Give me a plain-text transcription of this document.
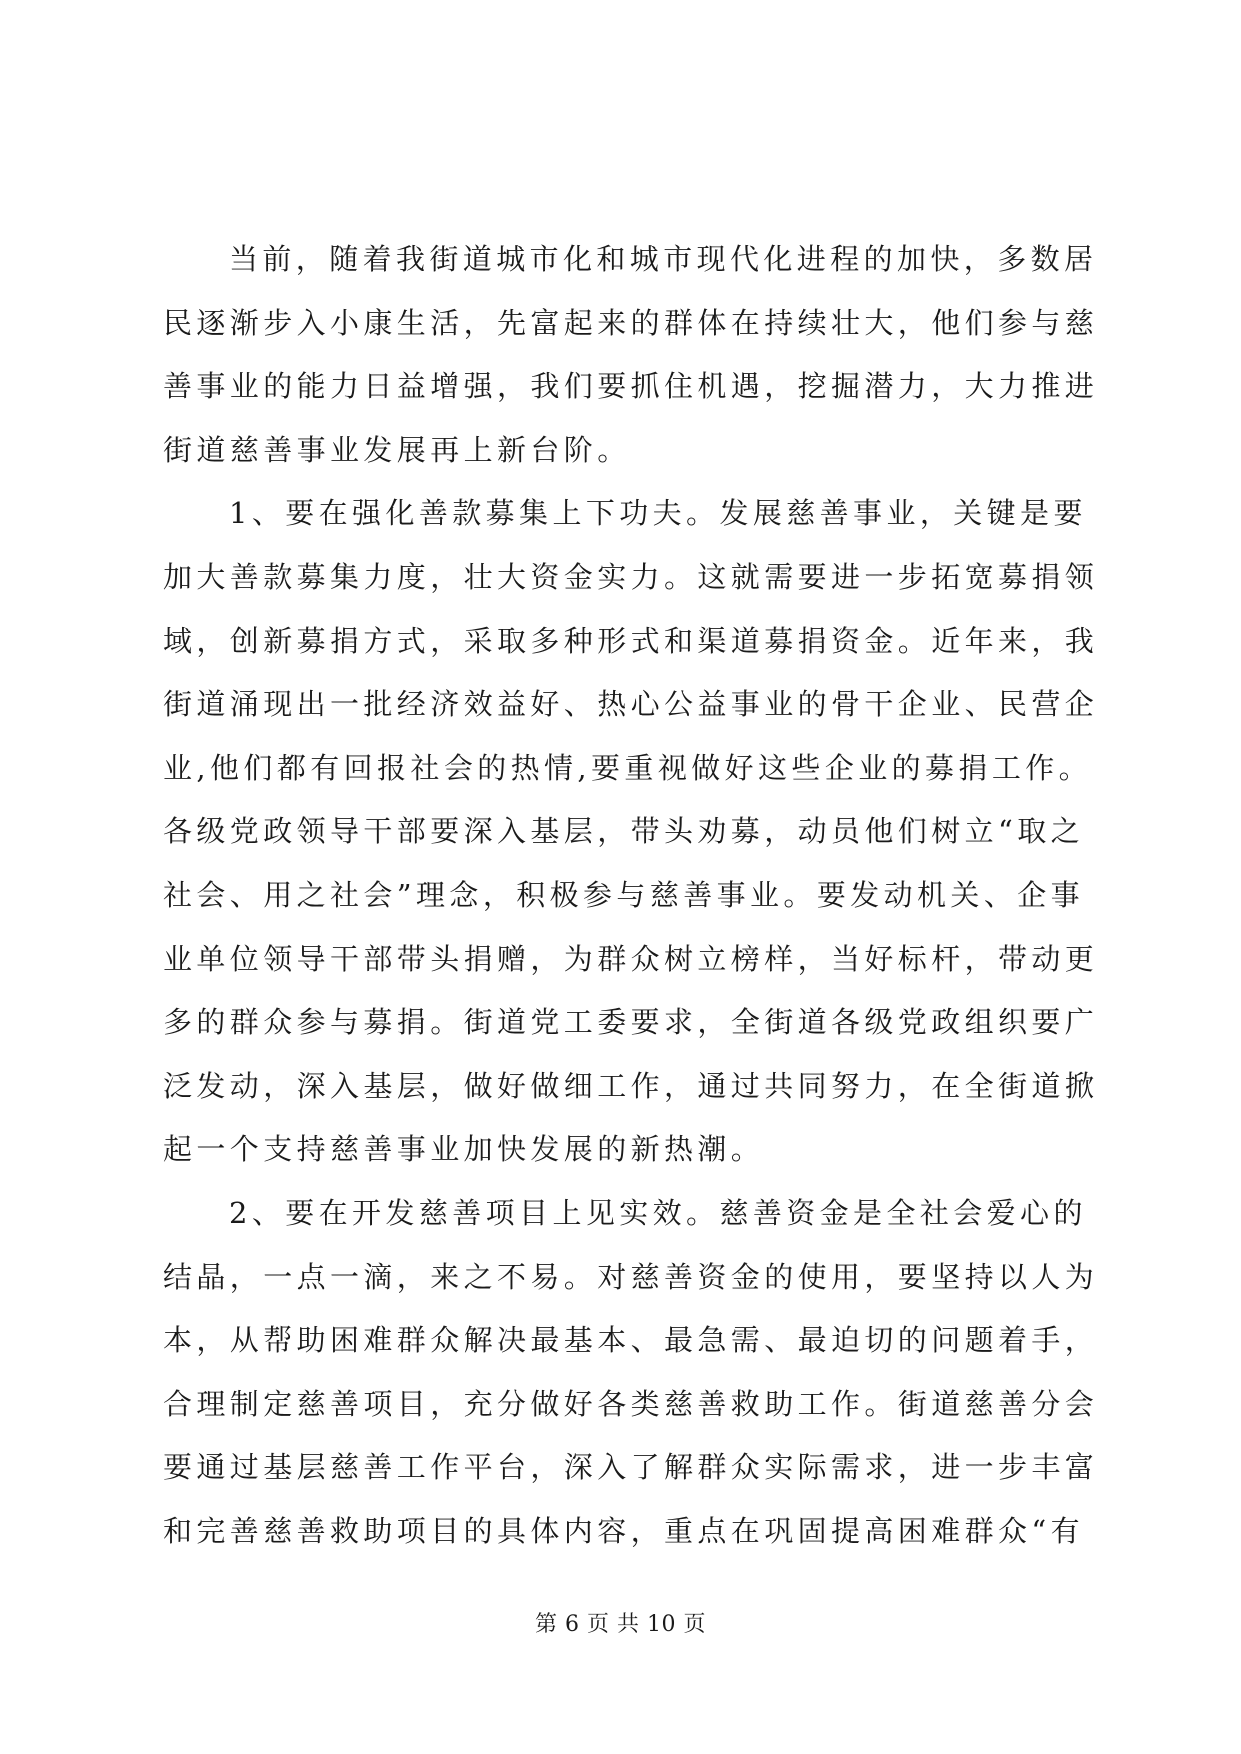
当前，随着我街道城市化和城市现代化进程的加快，多数居
民逐渐步入小康生活，先富起来的群体在持续壮大，他们参与慈
善事业的能力日益增强，我们要抓住机遇，挖掘潜力，大力推进
街道慈善事业发展再上新台阶。
1、要在强化善款募集上下功夫。发展慈善事业，关键是要
加大善款募集力度，壮大资金实力。这就需要进一步拓宽募捐领
域，创新募捐方式，采取多种形式和渠道募捐资金。近年来，我
街道涌现出一批经济效益好、热心公益事业的骨干企业、民营企
业,他们都有回报社会的热情,要重视做好这些企业的募捐工作。
各级党政领导干部要深入基层，带头劝募，动员他们树立“取之
社会、用之社会”理念，积极参与慈善事业。要发动机关、企事
业单位领导干部带头捐赠，为群众树立榜样，当好标杆，带动更
多的群众参与募捐。街道党工委要求，全街道各级党政组织要广
泛发动，深入基层，做好做细工作，通过共同努力，在全街道掀
起一个支持慈善事业加快发展的新热潮。
2、要在开发慈善项目上见实效。慈善资金是全社会爱心的
结晶，一点一滴，来之不易。对慈善资金的使用，要坚持以人为
本，从帮助困难群众解决最基本、最急需、最迫切的问题着手，
合理制定慈善项目，充分做好各类慈善救助工作。街道慈善分会
要通过基层慈善工作平台，深入了解群众实际需求，进一步丰富
和完善慈善救助项目的具体内容，重点在巩固提高困难群众“有
第 6 页 共 10 页
